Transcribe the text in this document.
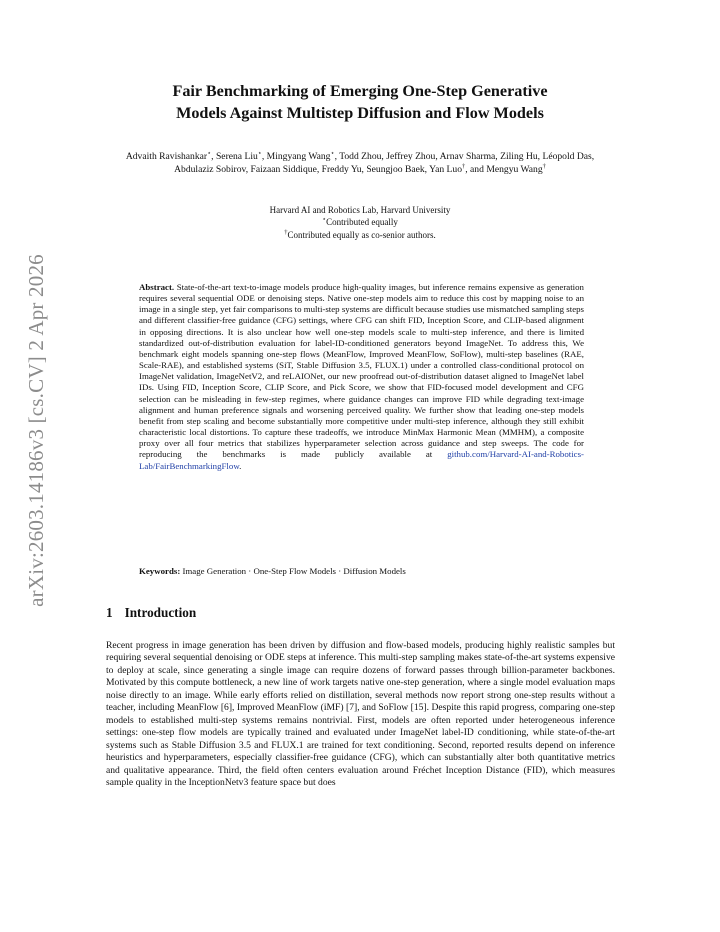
arXiv:2603.14186v3 [cs.CV] 2 Apr 2026
Fair Benchmarking of Emerging One-Step Generative
Models Against Multistep Diffusion and Flow Models
Advaith Ravishankar⋆, Serena Liu⋆, Mingyang Wang⋆, Todd Zhou, Jeffrey Zhou, Arnav Sharma, Ziling Hu, Léopold Das, Abdulaziz Sobirov, Faizaan Siddique, Freddy Yu, Seungjoo Baek, Yan Luo†, and Mengyu Wang†
Harvard AI and Robotics Lab, Harvard University
⋆Contributed equally
†Contributed equally as co-senior authors.
Abstract. State-of-the-art text-to-image models produce high-quality images, but inference remains expensive as generation requires several sequential ODE or denoising steps. Native one-step models aim to reduce this cost by mapping noise to an image in a single step, yet fair comparisons to multi-step systems are difficult because studies use mismatched sampling steps and different classifier-free guidance (CFG) settings, where CFG can shift FID, Inception Score, and CLIP-based alignment in opposing directions. It is also unclear how well one-step models scale to multi-step inference, and there is limited standardized out-of-distribution evaluation for label-ID-conditioned generators beyond ImageNet. To address this, We benchmark eight models spanning one-step flows (MeanFlow, Improved MeanFlow, SoFlow), multi-step baselines (RAE, Scale-RAE), and established systems (SiT, Stable Diffusion 3.5, FLUX.1) under a controlled class-conditional protocol on ImageNet validation, ImageNetV2, and reLAIONet, our new proofread out-of-distribution dataset aligned to ImageNet label IDs. Using FID, Inception Score, CLIP Score, and Pick Score, we show that FID-focused model development and CFG selection can be misleading in few-step regimes, where guidance changes can improve FID while degrading text-image alignment and human preference signals and worsening perceived quality. We further show that leading one-step models benefit from step scaling and become substantially more competitive under multi-step inference, although they still exhibit characteristic local distortions. To capture these tradeoffs, we introduce MinMax Harmonic Mean (MMHM), a composite proxy over all four metrics that stabilizes hyperparameter selection across guidance and step sweeps. The code for reproducing the benchmarks is made publicly available at github.com/Harvard-AI-and-Robotics-Lab/FairBenchmarkingFlow.
Keywords: Image Generation · One-Step Flow Models · Diffusion Models
1 Introduction
Recent progress in image generation has been driven by diffusion and flow-based models, producing highly realistic samples but requiring several sequential denoising or ODE steps at inference. This multi-step sampling makes state-of-the-art systems expensive to deploy at scale, since generating a single image can require dozens of forward passes through billion-parameter backbones. Motivated by this compute bottleneck, a new line of work targets native one-step generation, where a single model evaluation maps noise directly to an image. While early efforts relied on distillation, several methods now report strong one-step results without a teacher, including MeanFlow [6], Improved MeanFlow (iMF) [7], and SoFlow [15]. Despite this rapid progress, comparing one-step models to established multi-step systems remains nontrivial. First, models are often reported under heterogeneous inference settings: one-step flow models are typically trained and evaluated under ImageNet label-ID conditioning, while state-of-the-art systems such as Stable Diffusion 3.5 and FLUX.1 are trained for text conditioning. Second, reported results depend on inference heuristics and hyperparameters, especially classifier-free guidance (CFG), which can substantially alter both quantitative metrics and qualitative appearance. Third, the field often centers evaluation around Fréchet Inception Distance (FID), which measures sample quality in the InceptionNetv3 feature space but does
